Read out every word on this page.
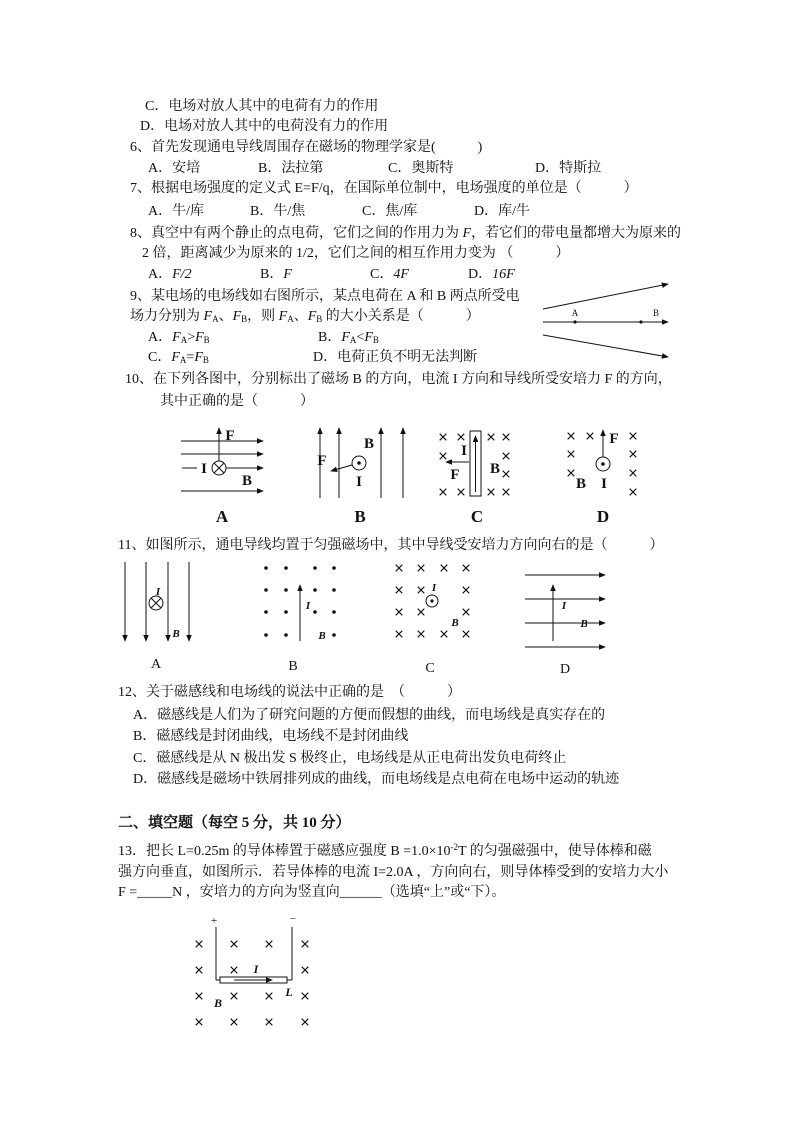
C．电场对放人其中的电荷有力的作用
D．电场对放人其中的电荷没有力的作用
6、首先发现通电导线周围存在磁场的物理学家是(　　　)
A．安培	B．法拉第	C．奥斯特	D．特斯拉
7、根据电场强度的定义式 E=F/q，在国际单位制中，电场强度的单位是（　　　）
A．牛/库	B．牛/焦	C．焦/库	D．库/牛
8、真空中有两个静止的点电荷，它们之间的作用力为 F，若它们的带电量都增大为原来的
2 倍，距离减少为原来的 1/2，它们之间的相互作用力变为 （　　　）
A．F/2	B．F	C．4F	D．16F
9、某电场的电场线如右图所示，某点电荷在 A 和 B 两点所受电
场力分别为 $F_A$、$F_B$，则 $F_A$、$F_B$ 的大小关系是（　　　）
A．$F_A>F_B$	B．$F_A<F_B$
C．$F_A=F_B$	D．电荷正负不明无法判断
10、在下列各图中，分别标出了磁场 B 的方向，电流 I 方向和导线所受安培力 F 的方向，
其中正确的是（　　　）
11、如图所示，通电导线均置于匀强磁场中，其中导线受安培力方向向右的是（　　　）
12、关于磁感线和电场线的说法中正确的是　（　　　）
A．磁感线是人们为了研究问题的方便而假想的曲线，而电场线是真实存在的
B．磁感线是封闭曲线，电场线不是封闭曲线
C．磁感线是从 N 极出发 S 极终止，电场线是从正电荷出发负电荷终止
D．磁感线是磁场中铁屑排列成的曲线，而电场线是点电荷在电场中运动的轨迹
二、填空题（每空 5 分，共 10 分）
13．把长 L=0.25m 的导体棒置于磁感应强度 $B =1.0\times 10^{-2}T$ 的匀强磁强中，使导体棒和磁
强方向垂直，如图所示．若导体棒的电流 I=2.0A ，方向向右，则导体棒受到的安培力大小
F =_____N ，安培力的方向为竖直向______（选填“上”或“下）。
A	B
F
I
B
A
B
F
I
B
I
F B
C
F
B I
D
I
B
A
I
B
B
I
B
C
I
B
D
+	−
I
B
L
